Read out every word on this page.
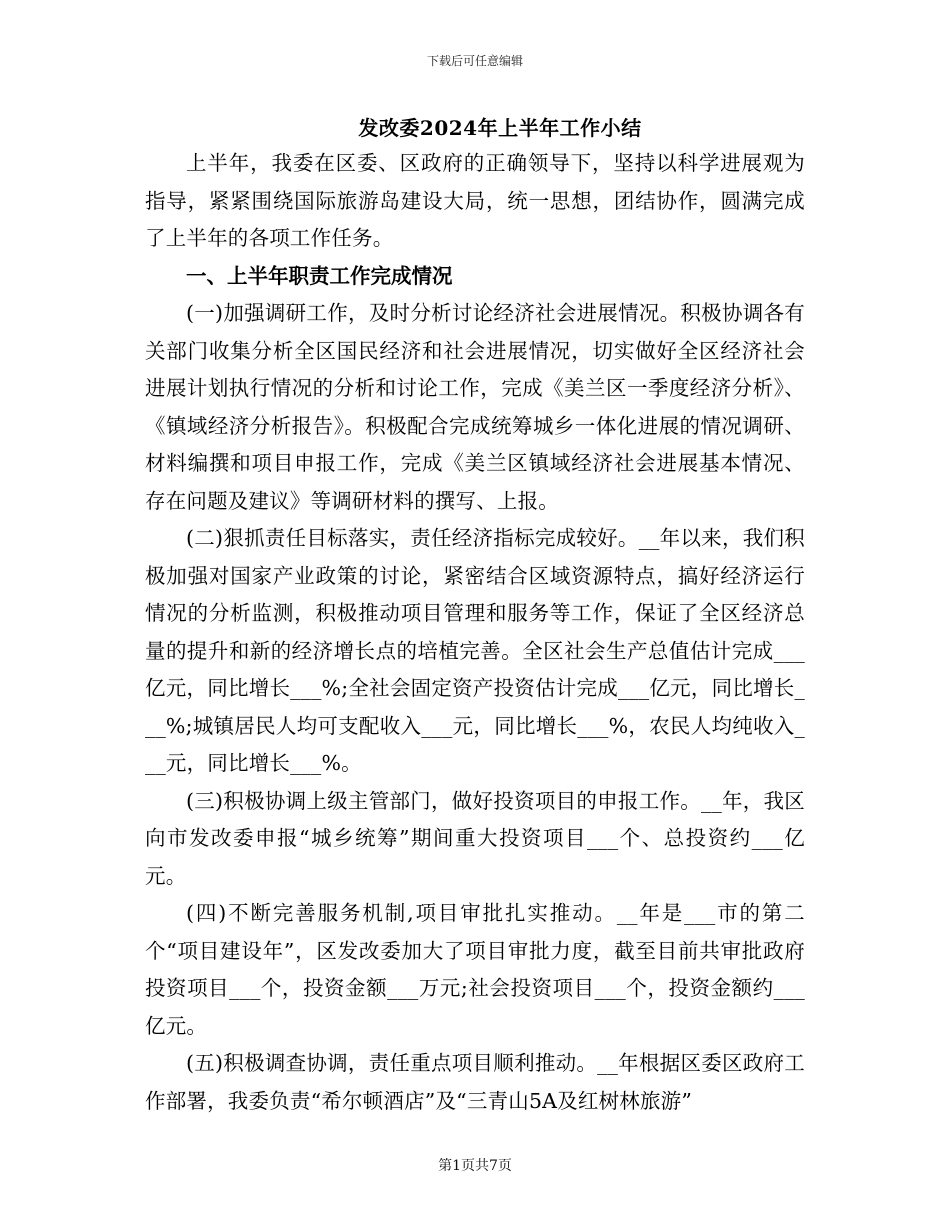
下载后可任意编辑
发改委2024年上半年工作小结

上半年，我委在区委、区政府的正确领导下，坚持以科学进展观为指导，紧紧围绕国际旅游岛建设大局，统一思想，团结协作，圆满完成了上半年的各项工作任务。

一、上半年职责工作完成情况

(一)加强调研工作，及时分析讨论经济社会进展情况。积极协调各有关部门收集分析全区国民经济和社会进展情况，切实做好全区经济社会进展计划执行情况的分析和讨论工作，完成《美兰区一季度经济分析》、《镇域经济分析报告》。积极配合完成统筹城乡一体化进展的情况调研、材料编撰和项目申报工作，完成《美兰区镇域经济社会进展基本情况、存在问题及建议》等调研材料的撰写、上报。

(二)狠抓责任目标落实，责任经济指标完成较好。__年以来，我们积极加强对国家产业政策的讨论，紧密结合区域资源特点，搞好经济运行情况的分析监测，积极推动项目管理和服务等工作，保证了全区经济总量的提升和新的经济增长点的培植完善。全区社会生产总值估计完成___亿元，同比增长___%;全社会固定资产投资估计完成___亿元，同比增长___%;城镇居民人均可支配收入___元，同比增长___%，农民人均纯收入___元，同比增长___%。

(三)积极协调上级主管部门，做好投资项目的申报工作。__年，我区向市发改委申报“城乡统筹”期间重大投资项目___个、总投资约___亿元。

(四)不断完善服务机制,项目审批扎实推动。__年是___市的第二个“项目建设年”，区发改委加大了项目审批力度，截至目前共审批政府投资项目___个，投资金额___万元;社会投资项目___个，投资金额约___亿元。

(五)积极调查协调，责任重点项目顺利推动。__年根据区委区政府工作部署，我委负责“希尔顿酒店”及“三青山5A及红树林旅游”

第1页共7页
